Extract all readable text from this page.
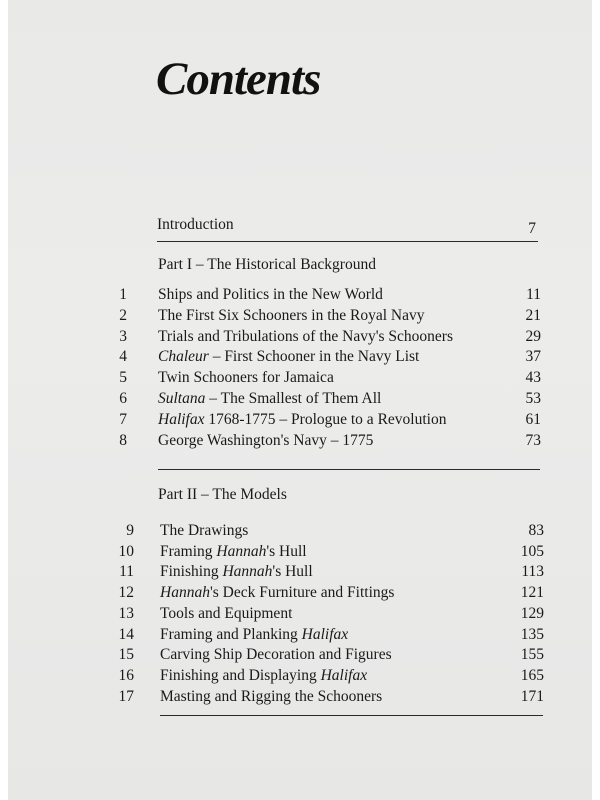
Contents
Introduction	7
Part I – The Historical Background
1 Ships and Politics in the New World	11
2 The First Six Schooners in the Royal Navy	21
3 Trials and Tribulations of the Navy's Schooners	29
4 Chaleur – First Schooner in the Navy List	37
5 Twin Schooners for Jamaica	43
6 Sultana – The Smallest of Them All	53
7 Halifax 1768-1775 – Prologue to a Revolution	61
8 George Washington's Navy – 1775	73
Part II – The Models
9 The Drawings	83
10 Framing Hannah's Hull	105
11 Finishing Hannah's Hull	113
12 Hannah's Deck Furniture and Fittings	121
13 Tools and Equipment	129
14 Framing and Planking Halifax	135
15 Carving Ship Decoration and Figures	155
16 Finishing and Displaying Halifax	165
17 Masting and Rigging the Schooners	171
